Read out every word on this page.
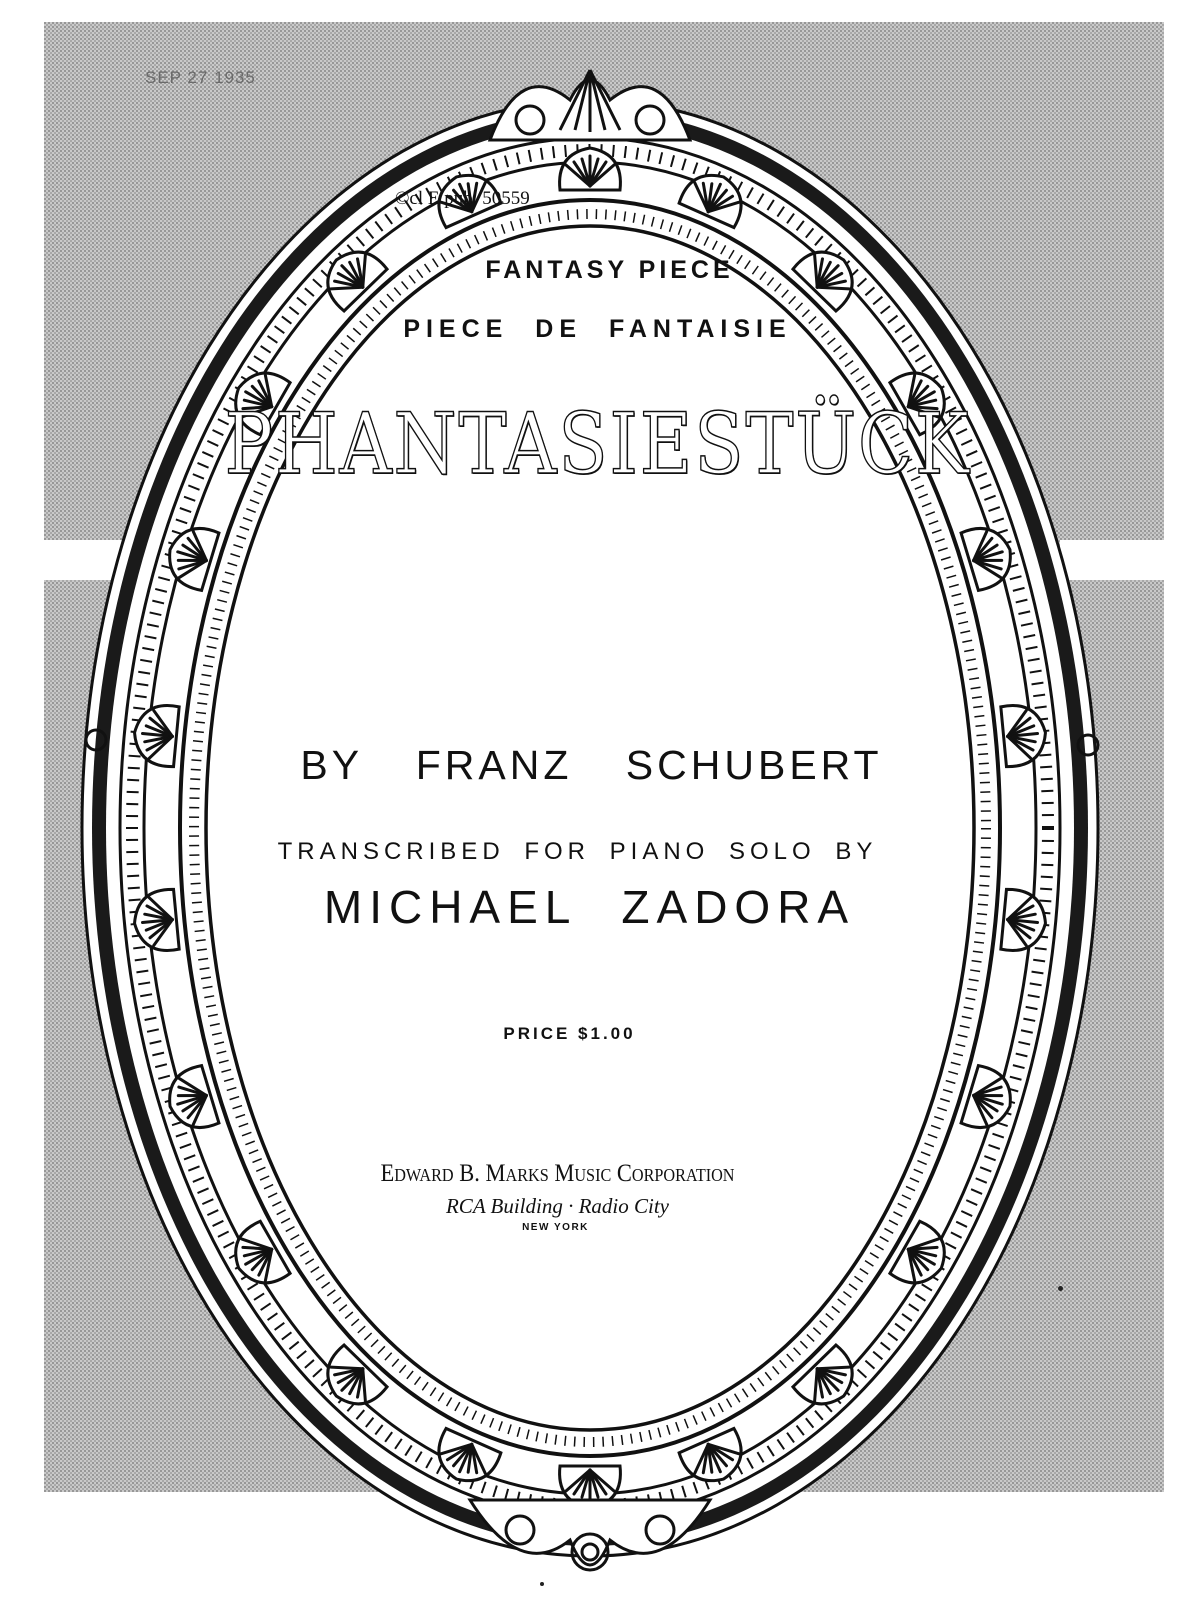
SEP 27 1935
©cl E pub. 50559
FANTASY PIECE
PIECE DE FANTAISIE
PHANTASIESTÜCK
BY FRANZ SCHUBERT
TRANSCRIBED FOR PIANO SOLO BY
MICHAEL ZADORA
PRICE $1.00
Edward B. Marks Music Corporation
RCA Building · Radio City
NEW YORK
